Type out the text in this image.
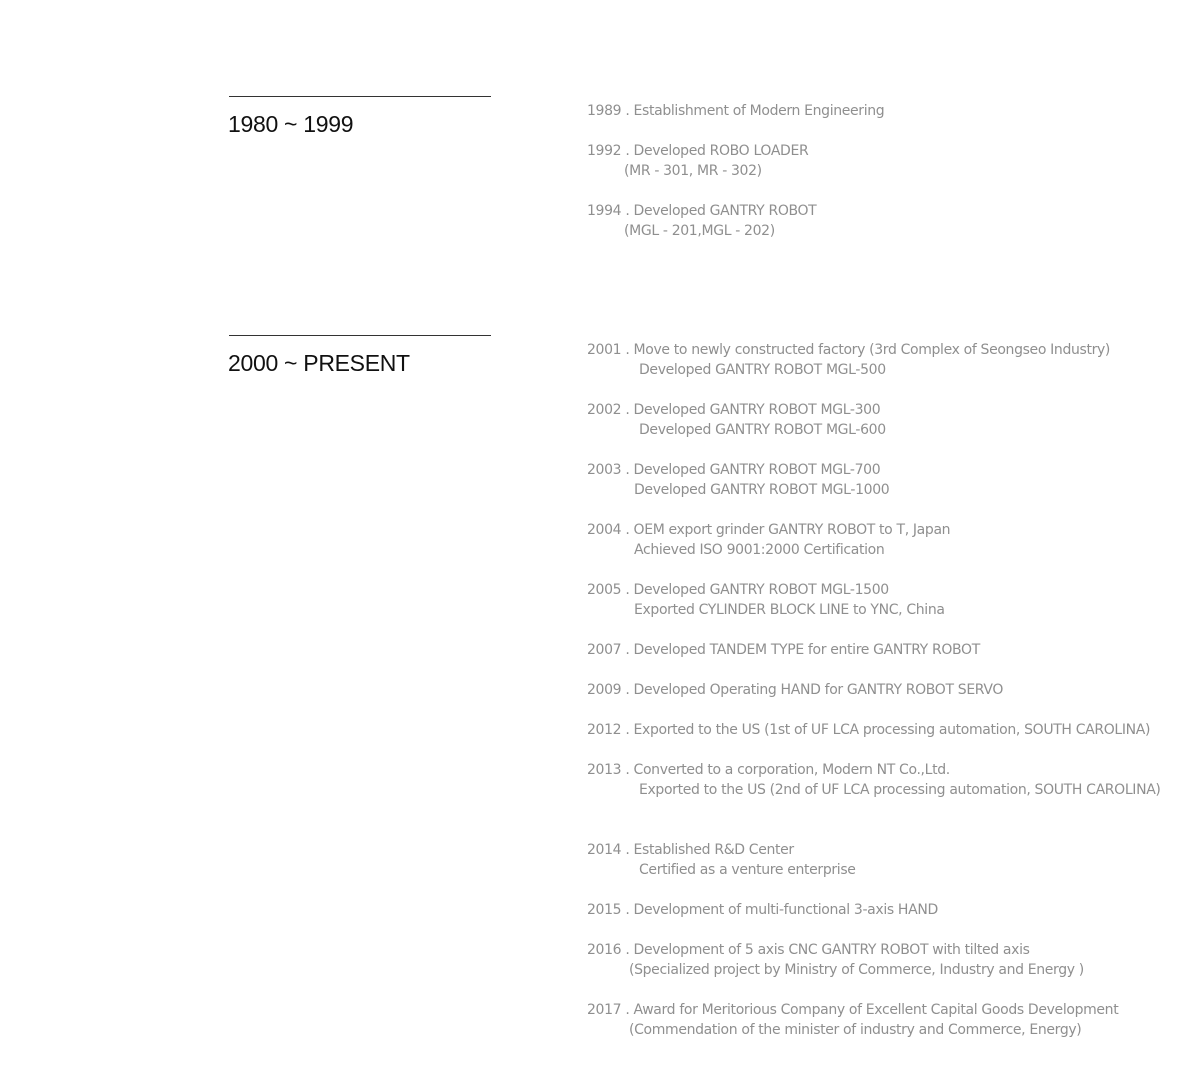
1980 ~ 1999	1989 . Establishment of Modern Engineering
1992 . Developed ROBO LOADER
(MR - 301, MR - 302)
1994 . Developed GANTRY ROBOT
(MGL - 201,MGL - 202)
2000 ~ PRESENT	2001 . Move to newly constructed factory (3rd Complex of Seongseo Industry)
Developed GANTRY ROBOT MGL-500
2002 . Developed GANTRY ROBOT MGL-300
Developed GANTRY ROBOT MGL-600
2003 . Developed GANTRY ROBOT MGL-700
Developed GANTRY ROBOT MGL-1000
2004 . OEM export grinder GANTRY ROBOT to T, Japan
Achieved ISO 9001:2000 Certification
2005 . Developed GANTRY ROBOT MGL-1500
Exported CYLINDER BLOCK LINE to YNC, China
2007 . Developed TANDEM TYPE for entire GANTRY ROBOT
2009 . Developed Operating HAND for GANTRY ROBOT SERVO
2012 . Exported to the US (1st of UF LCA processing automation, SOUTH CAROLINA)
2013 . Converted to a corporation, Modern NT Co.,Ltd.
Exported to the US (2nd of UF LCA processing automation, SOUTH CAROLINA)
2014 . Established R&D Center
Certified as a venture enterprise
2015 . Development of multi-functional 3-axis HAND
2016 . Development of 5 axis CNC GANTRY ROBOT with tilted axis
(Specialized project by Ministry of Commerce, Industry and Energy )
2017 . Award for Meritorious Company of Excellent Capital Goods Development
(Commendation of the minister of industry and Commerce, Energy)
